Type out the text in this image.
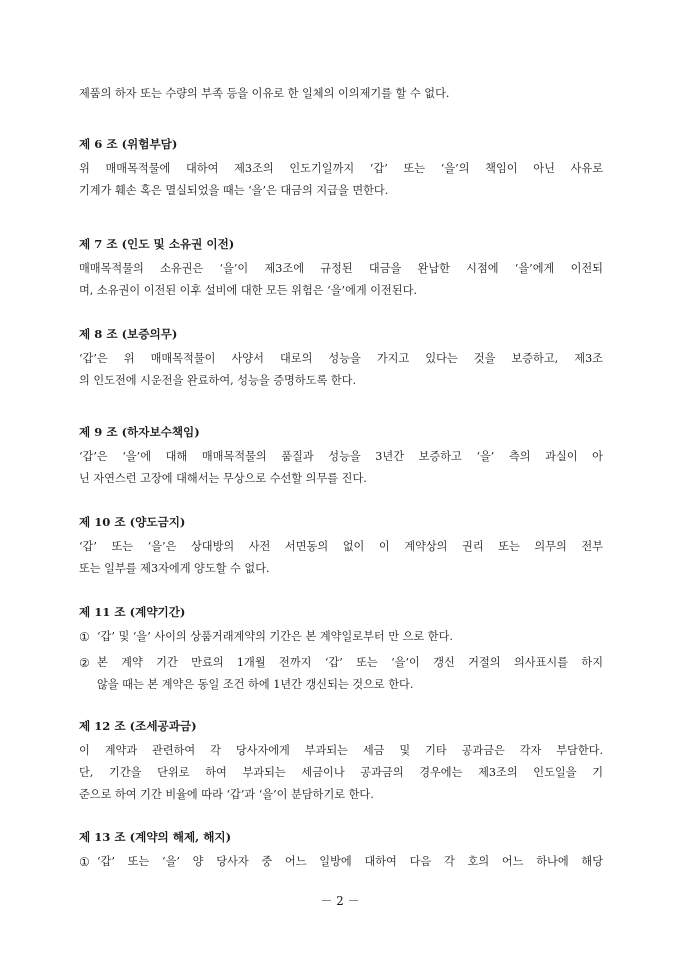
제품의 하자 또는 수량의 부족 등을 이유로 한 일체의 이의제기를 할 수 없다.
제 6 조 (위험부담)
위 매매목적물에 대하여 제3조의 인도기일까지 ‘갑’ 또는 ‘을’의 책임이 아닌 사유로
기계가 훼손 혹은 멸실되었을 때는 ‘을’은 대금의 지급을 면한다.
제 7 조 (인도 및 소유권 이전)
매매목적물의 소유권은 ‘을’이 제3조에 규정된 대금을 완납한 시점에 ‘을’에게 이전되
며, 소유권이 이전된 이후 설비에 대한 모든 위험은 ‘을’에게 이전된다.
제 8 조 (보증의무)
‘갑’은 위 매매목적물이 사양서 대로의 성능을 가지고 있다는 것을 보증하고, 제3조
의 인도전에 시운전을 완료하여, 성능을 증명하도록 한다.
제 9 조 (하자보수책임)
‘갑’은 ‘을’에 대해 매매목적물의 품질과 성능을 3년간 보증하고 ‘을’ 측의 과실이 아
닌 자연스런 고장에 대해서는 무상으로 수선할 의무를 진다.
제 10 조 (양도금지)
‘갑’ 또는 ‘을’은 상대방의 사전 서면동의 없이 이 계약상의 권리 또는 의무의 전부
또는 일부를 제3자에게 양도할 수 없다.
제 11 조 (계약기간)
① ‘갑’ 및 ‘을’ 사이의 상품거래계약의 기간은 본 계약일로부터 만 으로 한다.
② 본 계약 기간 만료의 1개월 전까지 ‘갑’ 또는 ‘을’이 갱신 거절의 의사표시를 하지
않을 때는 본 계약은 동일 조건 하에 1년간 갱신되는 것으로 한다.
제 12 조 (조세공과금)
이 계약과 관련하여 각 당사자에게 부과되는 세금 및 기타 공과금은 각자 부담한다.
단, 기간을 단위로 하여 부과되는 세금이나 공과금의 경우에는 제3조의 인도일을 기
준으로 하여 기간 비율에 따라 ‘갑’과 ‘을’이 분담하기로 한다.
제 13 조 (계약의 해제, 해지)
① ‘갑’ 또는 ‘을’ 양 당사자 중 어느 일방에 대하여 다음 각 호의 어느 하나에 해당
－ 2 －
